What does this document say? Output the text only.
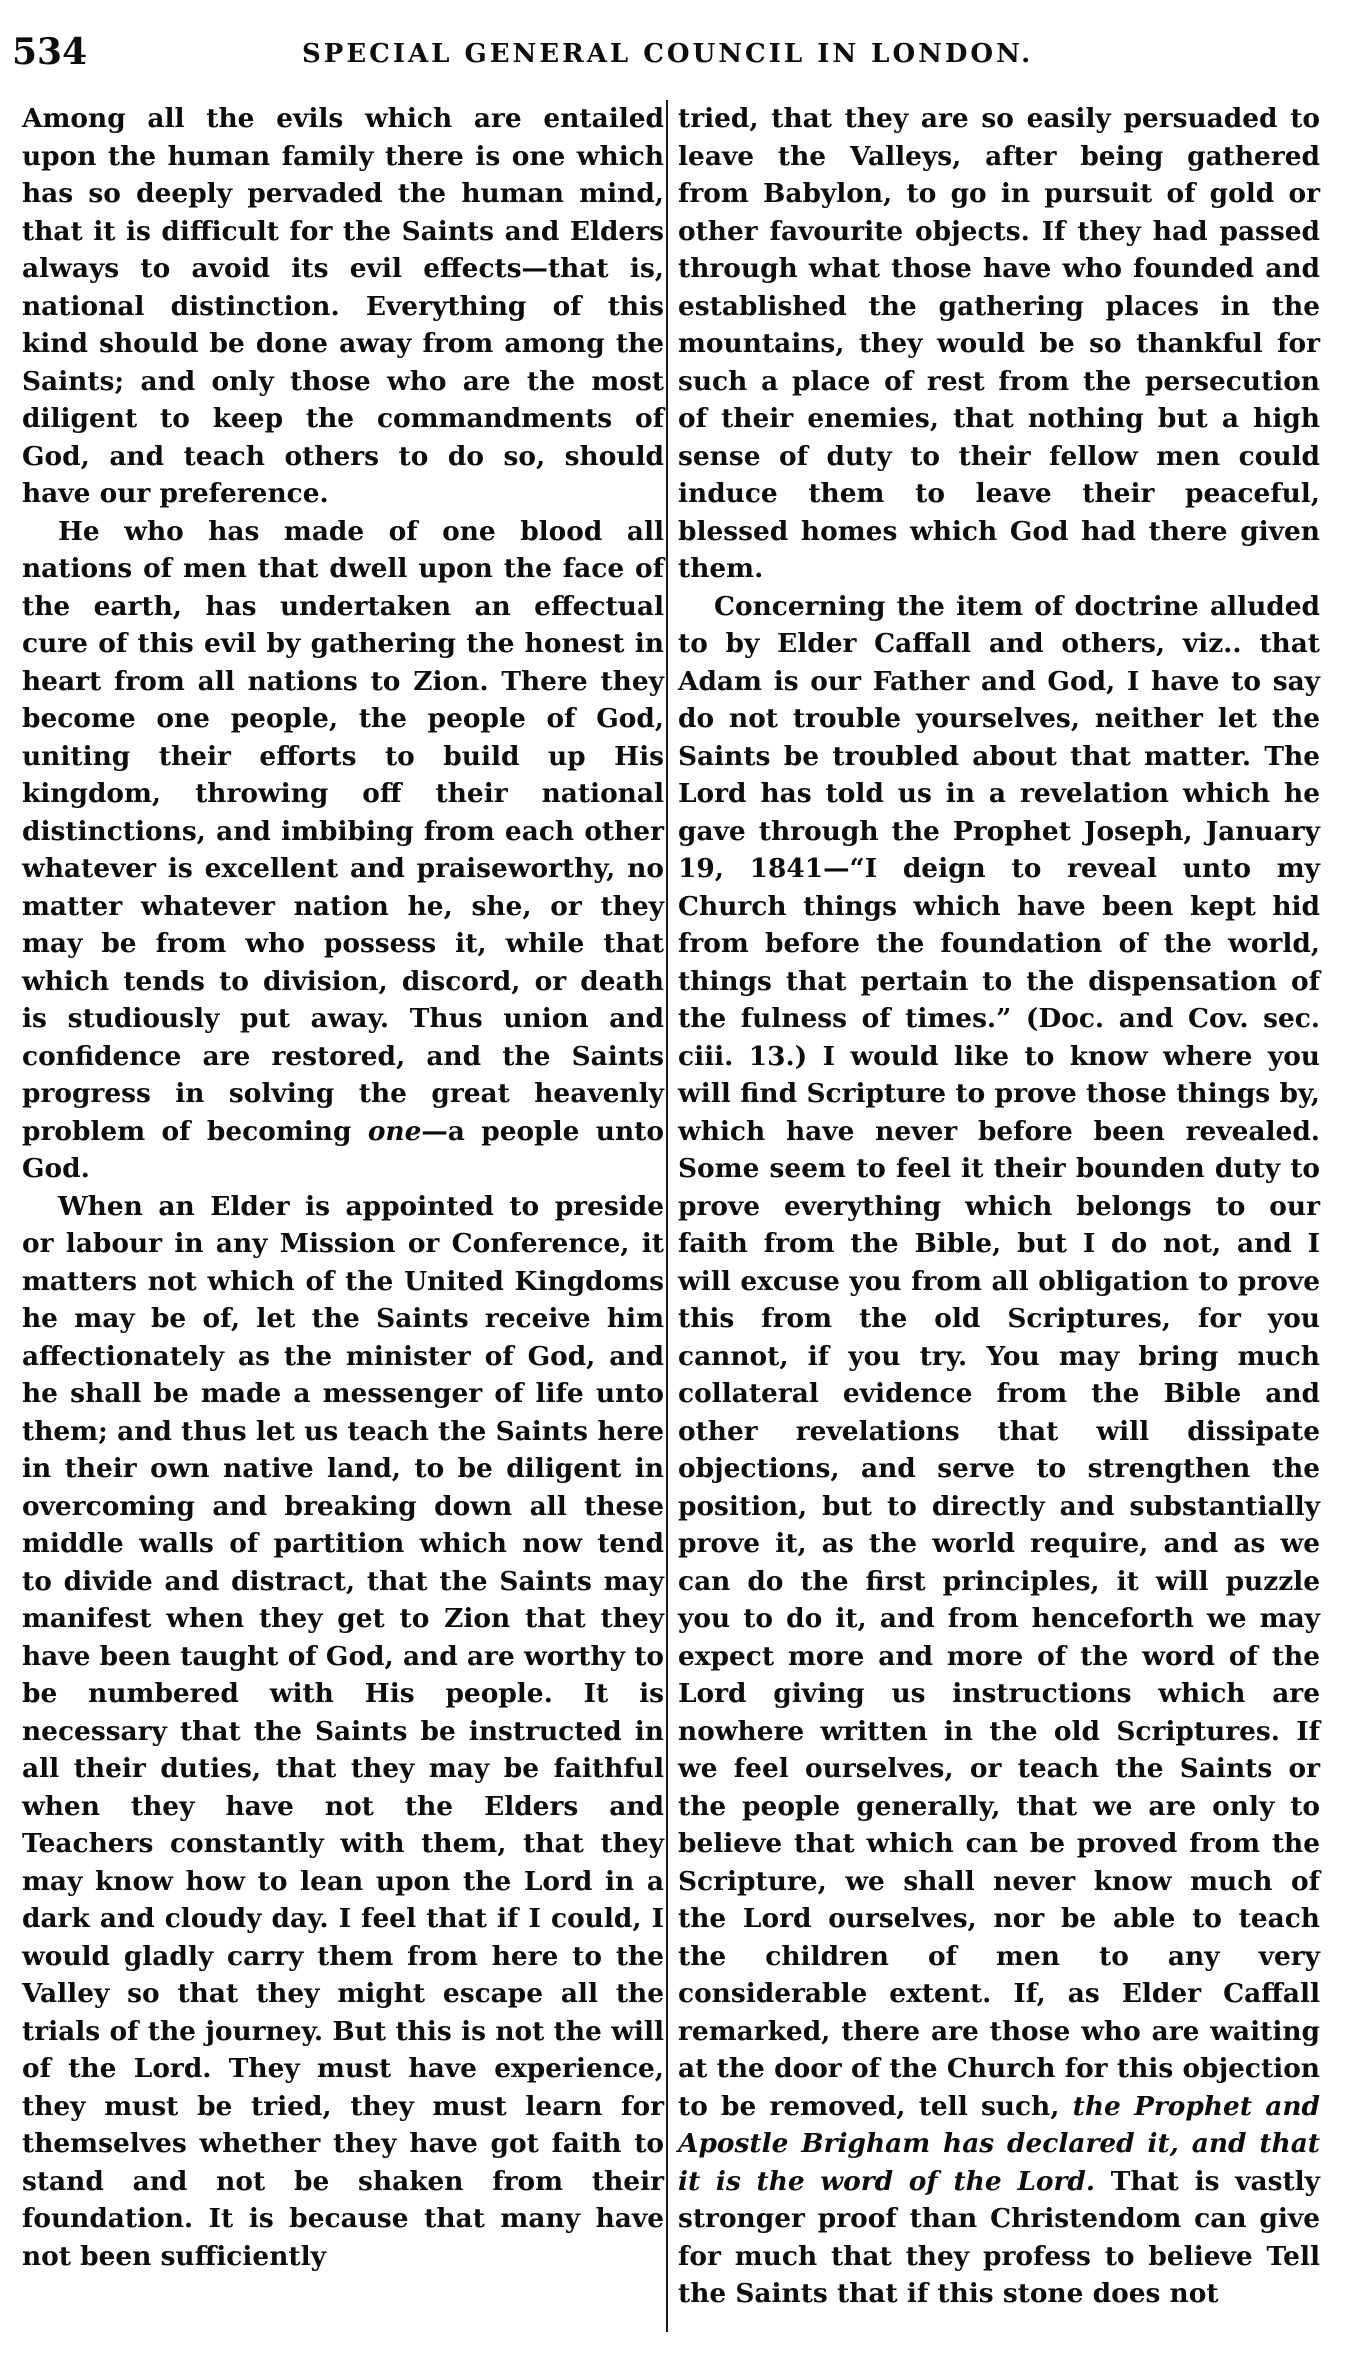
534	SPECIAL GENERAL COUNCIL IN LONDON.

Among all the evils which are entailed upon the human family there is one which has so deeply pervaded the human mind, that it is difficult for the Saints and Elders always to avoid its evil effects—that is, national distinction. Everything of this kind should be done away from among the Saints; and only those who are the most diligent to keep the commandments of God, and teach others to do so, should have our preference.

He who has made of one blood all nations of men that dwell upon the face of the earth, has undertaken an effectual cure of this evil by gathering the honest in heart from all nations to Zion. There they become one people, the people of God, uniting their efforts to build up His kingdom, throwing off their national distinctions, and imbibing from each other whatever is excellent and praiseworthy, no matter whatever nation he, she, or they may be from who possess it, while that which tends to division, discord, or death is studiously put away. Thus union and confidence are restored, and the Saints progress in solving the great heavenly problem of becoming one—a people unto God.

When an Elder is appointed to preside or labour in any Mission or Conference, it matters not which of the United Kingdoms he may be of, let the Saints receive him affectionately as the minister of God, and he shall be made a messenger of life unto them; and thus let us teach the Saints here in their own native land, to be diligent in overcoming and breaking down all these middle walls of partition which now tend to divide and distract, that the Saints may manifest when they get to Zion that they have been taught of God, and are worthy to be numbered with His people. It is necessary that the Saints be instructed in all their duties, that they may be faithful when they have not the Elders and Teachers constantly with them, that they may know how to lean upon the Lord in a dark and cloudy day. I feel that if I could, I would gladly carry them from here to the Valley so that they might escape all the trials of the journey. But this is not the will of the Lord. They must have experience, they must be tried, they must learn for themselves whether they have got faith to stand and not be shaken from their foundation. It is because that many have not been sufficiently

tried, that they are so easily persuaded to leave the Valleys, after being gathered from Babylon, to go in pursuit of gold or other favourite objects. If they had passed through what those have who founded and established the gathering places in the mountains, they would be so thankful for such a place of rest from the persecution of their enemies, that nothing but a high sense of duty to their fellow men could induce them to leave their peaceful, blessed homes which God had there given them.

Concerning the item of doctrine alluded to by Elder Caffall and others, viz.. that Adam is our Father and God, I have to say do not trouble yourselves, neither let the Saints be troubled about that matter. The Lord has told us in a revelation which he gave through the Prophet Joseph, January 19, 1841—“I deign to reveal unto my Church things which have been kept hid from before the foundation of the world, things that pertain to the dispensation of the fulness of times.” (Doc. and Cov. sec. ciii. 13.) I would like to know where you will find Scripture to prove those things by, which have never before been revealed. Some seem to feel it their bounden duty to prove everything which belongs to our faith from the Bible, but I do not, and I will excuse you from all obligation to prove this from the old Scriptures, for you cannot, if you try. You may bring much collateral evidence from the Bible and other revelations that will dissipate objections, and serve to strengthen the position, but to directly and substantially prove it, as the world require, and as we can do the first principles, it will puzzle you to do it, and from henceforth we may expect more and more of the word of the Lord giving us instructions which are nowhere written in the old Scriptures. If we feel ourselves, or teach the Saints or the people generally, that we are only to believe that which can be proved from the Scripture, we shall never know much of the Lord ourselves, nor be able to teach the children of men to any very considerable extent. If, as Elder Caffall remarked, there are those who are waiting at the door of the Church for this objection to be removed, tell such, the Prophet and Apostle Brigham has declared it, and that it is the word of the Lord. That is vastly stronger proof than Christendom can give for much that they profess to believe Tell the Saints that if this stone does not
